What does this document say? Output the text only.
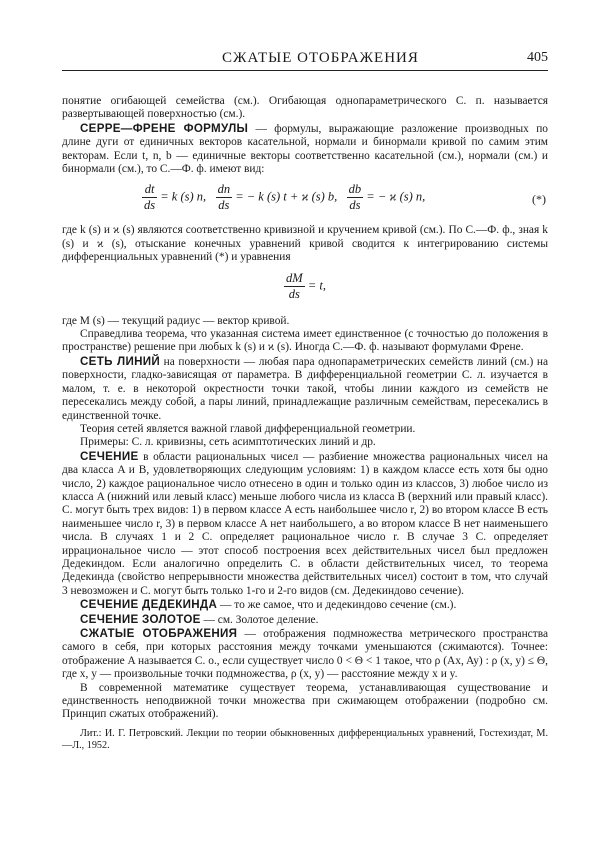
СЖАТЫЕ ОТОБРАЖЕНИЯ	405

понятие огибающей семейства (см.). Огибающая однопараметрического С. п. называется развертывающей поверхностью (см.).

СЕРРЕ—ФРЕНЕ ФОРМУЛЫ — формулы, выражающие разложение производных по длине дуги от единичных векторов касательной, нормали и бинормали кривой по самим этим векторам. Если t, n, b — единичные векторы соответственно касательной (см.), нормали (см.) и бинормали (см.), то С.—Ф. ф. имеют вид:

$\frac{dt}{ds} = k$ (s) n, $\frac{dn}{ds}$ = − k (s) t + ϰ (s) b, $\frac{db}{ds}$ = − ϰ (s) n,	(*)

где k (s) и ϰ (s) являются соответственно кривизной и кручением кривой (см.). По С.—Ф. ф., зная k (s) и ϰ (s), отыскание конечных уравнений кривой сводится к интегрированию системы дифференциальных уравнений (*) и уравнения

$\frac{dM}{ds} = t$,

где M (s) — текущий радиус — вектор кривой.

Справедлива теорема, что указанная система имеет единственное (с точностью до положения в пространстве) решение при любых k (s) и ϰ (s). Иногда С.—Ф. ф. называют формулами Френе.

СЕТЬ ЛИНИЙ на поверхности — любая пара однопараметрических семейств линий (см.) на поверхности, гладко-зависящая от параметра. В дифференциальной геометрии С. л. изучается в малом, т. е. в некоторой окрестности точки такой, чтобы линии каждого из семейств не пересекались между собой, а пары линий, принадлежащие различным семействам, пересекались в единственной точке.

Теория сетей является важной главой дифференциальной геометрии.

Примеры: С. л. кривизны, сеть асимптотических линий и др.

СЕЧЕНИЕ в области рациональных чисел — разбиение множества рациональных чисел на два класса A и B, удовлетворяющих следующим условиям: 1) в каждом классе есть хотя бы одно число, 2) каждое рациональное число отнесено в один и только один из классов, 3) любое число из класса A (нижний или левый класс) меньше любого числа из класса B (верхний или правый класс). С. могут быть трех видов: 1) в первом классе A есть наибольшее число r, 2) во втором классе B есть наименьшее число r, 3) в первом классе A нет наибольшего, а во втором классе B нет наименьшего числа. В случаях 1 и 2 С. определяет рациональное число r. В случае 3 С. определяет иррациональное число — этот способ построения всех действительных чисел был предложен Дедекиндом. Если аналогично определить С. в области действительных чисел, то теорема Дедекинда (свойство непрерывности множества действительных чисел) состоит в том, что случай 3 невозможен и С. могут быть только 1-го и 2-го видов (см. Дедекиндово сечение).

СЕЧЕНИЕ ДЕДЕКИНДА — то же самое, что и дедекиндово сечение (см.).

СЕЧЕНИЕ ЗОЛОТОЕ — см. Золотое деление.

СЖАТЫЕ ОТОБРАЖЕНИЯ — отображения подмножества метрического пространства самого в себя, при которых расстояния между точками уменьшаются (сжимаются). Точнее: отображение A называется С. о., если существует число 0 < Θ < 1 такое, что ρ (Ax, Ay) : ρ (x, y) ≤ Θ, где x, y — произвольные точки подмножества, ρ (x, y) — расстояние между x и y.

В современной математике существует теорема, устанавливающая существование и единственность неподвижной точки множества при сжимающем отображении (подробно см. Принцип сжатых отображений).

Лит.: И. Г. Петровский. Лекции по теории обыкновенных дифференциальных уравнений, Гостехиздат, М.—Л., 1952.
